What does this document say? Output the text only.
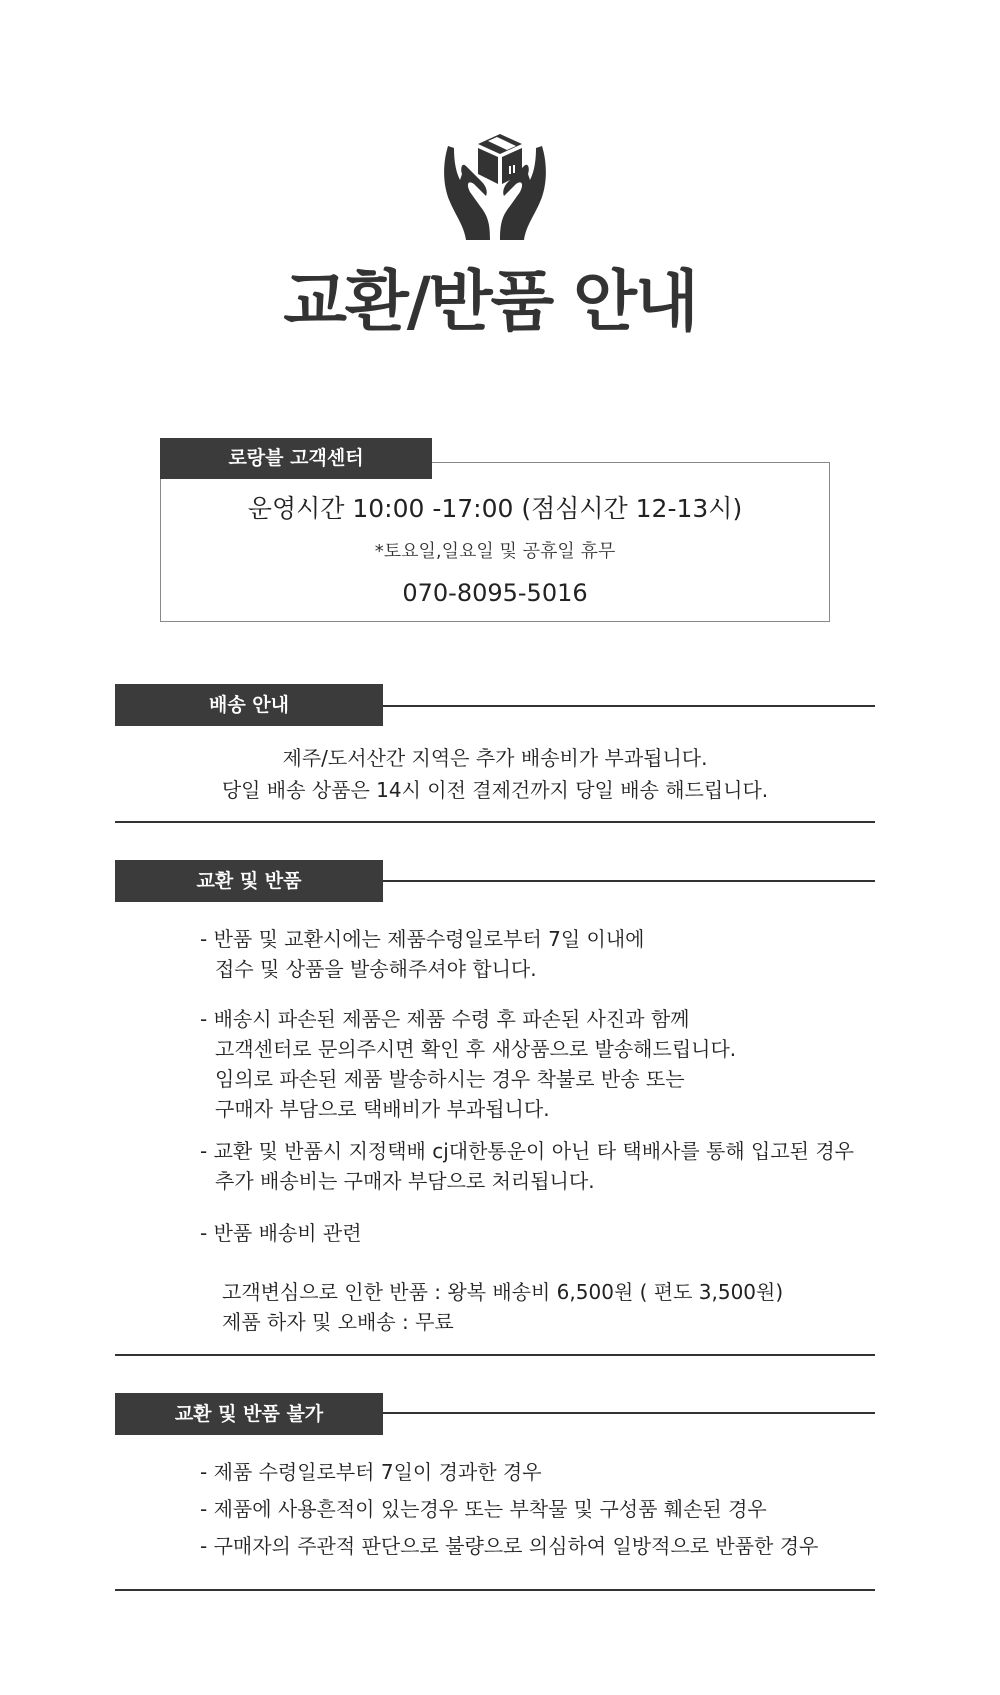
교환/반품 안내
로랑블 고객센터
운영시간 10:00 -17:00 (점심시간 12-13시)
*토요일,일요일 및 공휴일 휴무
070-8095-5016
배송 안내
제주/도서산간 지역은 추가 배송비가 부과됩니다.
당일 배송 상품은 14시 이전 결제건까지 당일 배송 해드립니다.
교환 및 반품
- 반품 및 교환시에는 제품수령일로부터 7일 이내에
접수 및 상품을 발송해주셔야 합니다.
- 배송시 파손된 제품은 제품 수령 후 파손된 사진과 함께
고객센터로 문의주시면 확인 후 새상품으로 발송해드립니다.
임의로 파손된 제품 발송하시는 경우 착불로 반송 또는
구매자 부담으로 택배비가 부과됩니다.
- 교환 및 반품시 지정택배 cj대한통운이 아닌 타 택배사를 통해 입고된 경우
추가 배송비는 구매자 부담으로 처리됩니다.
- 반품 배송비 관련
고객변심으로 인한 반품 : 왕복 배송비 6,500원 ( 편도 3,500원)
제품 하자 및 오배송 : 무료
교환 및 반품 불가
- 제품 수령일로부터 7일이 경과한 경우
- 제품에 사용흔적이 있는경우 또는 부착물 및 구성품 훼손된 경우
- 구매자의 주관적 판단으로 불량으로 의심하여 일방적으로 반품한 경우
